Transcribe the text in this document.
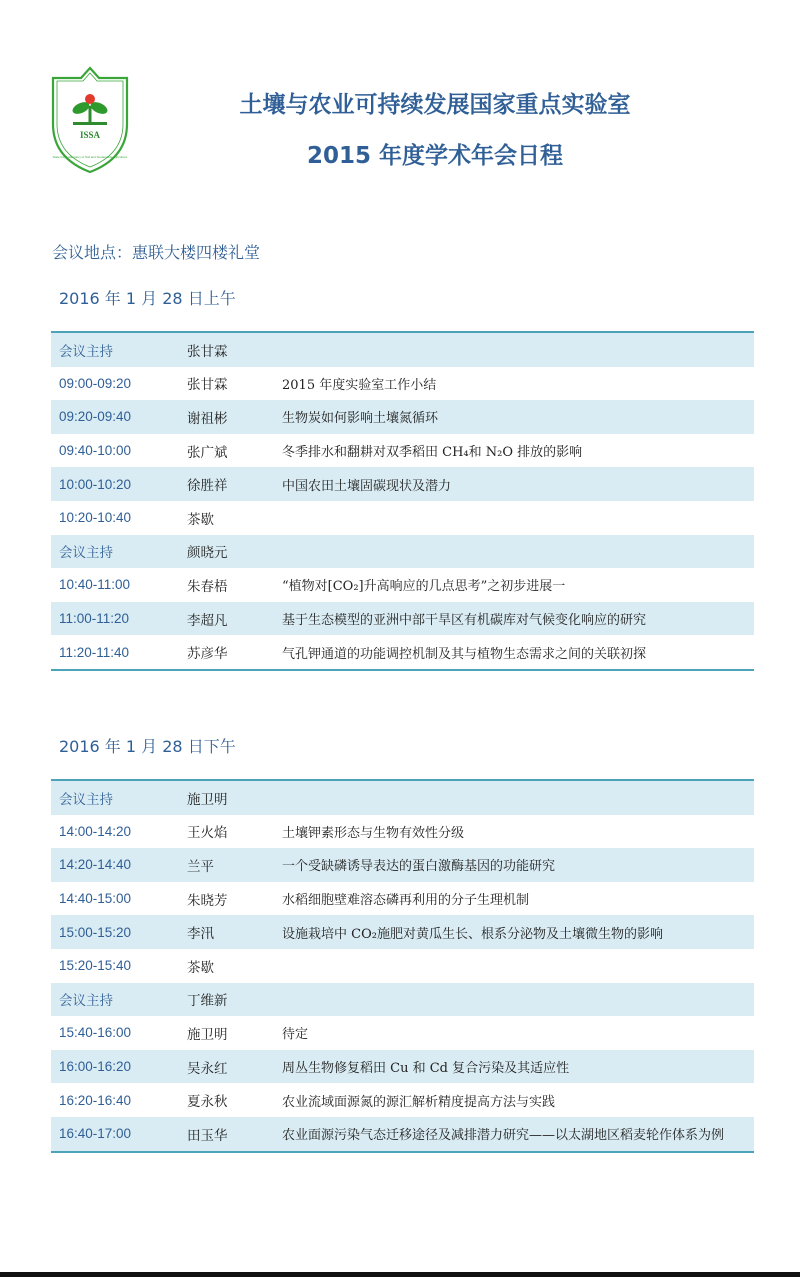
ISSA
State Key Laboratory of Soil and Sustainable Agriculture
土壤与农业可持续发展国家重点实验室
2015 年度学术年会日程
会议地点：惠联大楼四楼礼堂
2016 年 1 月 28 日上午
会议主持	张甘霖	
09:00-09:20	张甘霖	2015 年度实验室工作小结
09:20-09:40	谢祖彬	生物炭如何影响土壤氮循环
09:40-10:00	张广斌	冬季排水和翻耕对双季稻田 CH₄和 N₂O 排放的影响
10:00-10:20	徐胜祥	中国农田土壤固碳现状及潜力
10:20-10:40	茶歇	
会议主持	颜晓元	
10:40-11:00	朱春梧	“植物对[CO₂]升高响应的几点思考”之初步进展一
11:00-11:20	李超凡	基于生态模型的亚洲中部干旱区有机碳库对气候变化响应的研究
11:20-11:40	苏彦华	气孔钾通道的功能调控机制及其与植物生态需求之间的关联初探
2016 年 1 月 28 日下午
会议主持	施卫明	
14:00-14:20	王火焰	土壤钾素形态与生物有效性分级
14:20-14:40	兰平	一个受缺磷诱导表达的蛋白激酶基因的功能研究
14:40-15:00	朱晓芳	水稻细胞壁难溶态磷再利用的分子生理机制
15:00-15:20	李汛	设施栽培中 CO₂施肥对黄瓜生长、根系分泌物及土壤微生物的影响
15:20-15:40	茶歇	
会议主持	丁维新	
15:40-16:00	施卫明	待定
16:00-16:20	吴永红	周丛生物修复稻田 Cu 和 Cd 复合污染及其适应性
16:20-16:40	夏永秋	农业流域面源氮的源汇解析精度提高方法与实践
16:40-17:00	田玉华	农业面源污染气态迁移途径及减排潜力研究——以太湖地区稻麦轮作体系为例
